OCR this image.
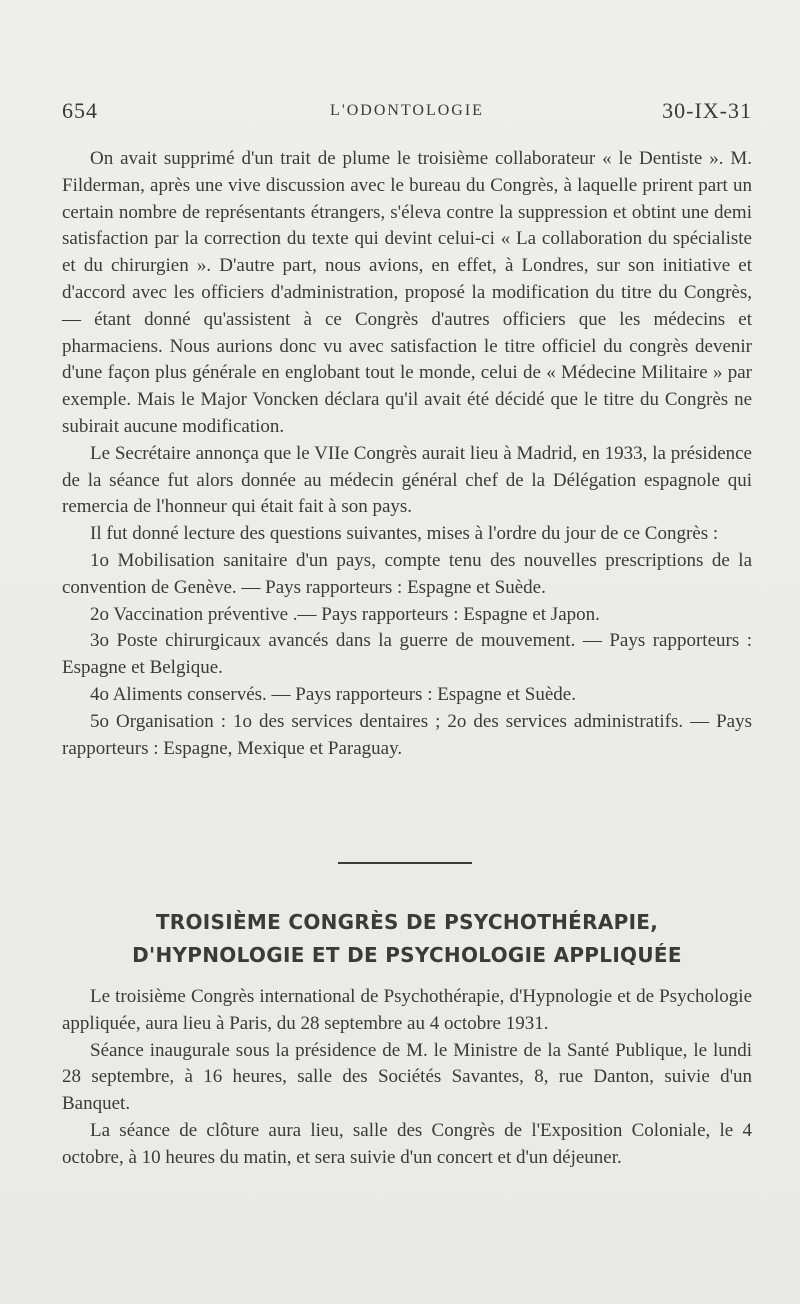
654	L'ODONTOLOGIE	30-IX-31

On avait supprimé d'un trait de plume le troisième collaborateur « le Dentiste ». M. Filderman, après une vive discussion avec le bureau du Congrès, à laquelle prirent part un certain nombre de représentants étrangers, s'éleva contre la suppression et obtint une demi satisfaction par la correction du texte qui devint celui-ci « La collaboration du spécialiste et du chirurgien ». D'autre part, nous avions, en effet, à Londres, sur son initiative et d'accord avec les officiers d'administration, proposé la modification du titre du Congrès, — étant donné qu'assistent à ce Congrès d'autres officiers que les médecins et pharmaciens. Nous aurions donc vu avec satisfaction le titre officiel du congrès devenir d'une façon plus générale en englobant tout le monde, celui de « Médecine Militaire » par exemple. Mais le Major Voncken déclara qu'il avait été décidé que le titre du Congrès ne subirait aucune modification.

Le Secrétaire annonça que le VIIe Congrès aurait lieu à Madrid, en 1933, la présidence de la séance fut alors donnée au médecin général chef de la Délégation espagnole qui remercia de l'honneur qui était fait à son pays.

Il fut donné lecture des questions suivantes, mises à l'ordre du jour de ce Congrès :

1o Mobilisation sanitaire d'un pays, compte tenu des nouvelles prescriptions de la convention de Genève. — Pays rapporteurs : Espagne et Suède.

2o Vaccination préventive .— Pays rapporteurs : Espagne et Japon.

3o Poste chirurgicaux avancés dans la guerre de mouvement. — Pays rapporteurs : Espagne et Belgique.

4o Aliments conservés. — Pays rapporteurs : Espagne et Suède.

5o Organisation : 1o des services dentaires ; 2o des services administratifs. — Pays rapporteurs : Espagne, Mexique et Paraguay.

TROISIÈME CONGRÈS DE PSYCHOTHÉRAPIE,
D'HYPNOLOGIE ET DE PSYCHOLOGIE APPLIQUÉE

Le troisième Congrès international de Psychothérapie, d'Hypnologie et de Psychologie appliquée, aura lieu à Paris, du 28 septembre au 4 octobre 1931.

Séance inaugurale sous la présidence de M. le Ministre de la Santé Publique, le lundi 28 septembre, à 16 heures, salle des Sociétés Savantes, 8, rue Danton, suivie d'un Banquet.

La séance de clôture aura lieu, salle des Congrès de l'Exposition Coloniale, le 4 octobre, à 10 heures du matin, et sera suivie d'un concert et d'un déjeuner.
